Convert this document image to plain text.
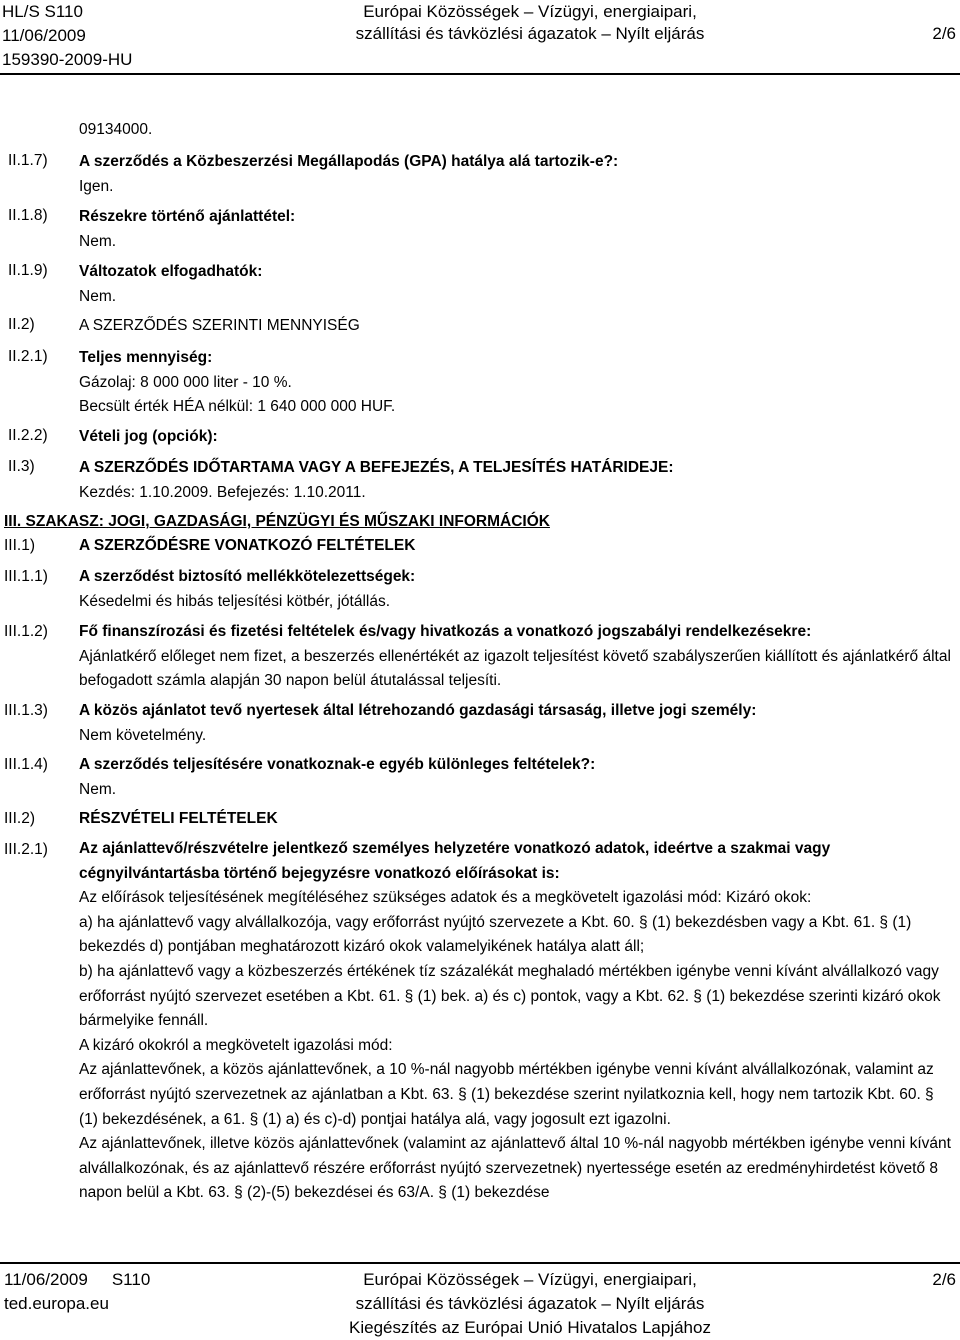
HL/S S110
11/06/2009
159390-2009-HU
Európai Közösségek – Vízügyi, energiaipari,
szállítási és távközlési ágazatok – Nyílt eljárás	2/6
09134000.
II.1.7) A szerződés a Közbeszerzési Megállapodás (GPA) hatálya alá tartozik-e?:
Igen.
II.1.8) Részekre történő ajánlattétel:
Nem.
II.1.9) Változatok elfogadhatók:
Nem.
II.2)	A SZERZŐDÉS SZERINTI MENNYISÉG
II.2.1) Teljes mennyiség:
Gázolaj: 8 000 000 liter - 10 %.
Becsült érték HÉA nélkül: 1 640 000 000 HUF.
II.2.2) Vételi jog (opciók):
II.3)	A SZERZŐDÉS IDŐTARTAMA VAGY A BEFEJEZÉS, A TELJESÍTÉS HATÁRIDEJE:
Kezdés: 1.10.2009. Befejezés: 1.10.2011.
III. SZAKASZ: JOGI, GAZDASÁGI, PÉNZÜGYI ÉS MŰSZAKI INFORMÁCIÓK
III.1)	A SZERZŐDÉSRE VONATKOZÓ FELTÉTELEK
III.1.1) A szerződést biztosító mellékkötelezettségek:
Késedelmi és hibás teljesítési kötbér, jótállás.
III.1.2) Fő finanszírozási és fizetési feltételek és/vagy hivatkozás a vonatkozó jogszabályi rendelkezésekre:
Ajánlatkérő előleget nem fizet, a beszerzés ellenértékét az igazolt teljesítést követő szabályszerűen kiállított és ajánlatkérő által befogadott számla alapján 30 napon belül átutalással teljesíti.
III.1.3) A közös ajánlatot tevő nyertesek által létrehozandó gazdasági társaság, illetve jogi személy:
Nem követelmény.
III.1.4) A szerződés teljesítésére vonatkoznak-e egyéb különleges feltételek?:
Nem.
III.2)	RÉSZVÉTELI FELTÉTELEK
III.2.1) Az ajánlattevő/részvételre jelentkező személyes helyzetére vonatkozó adatok, ideértve a szakmai vagy cégnyilvántartásba történő bejegyzésre vonatkozó előírásokat is:
Az előírások teljesítésének megítéléséhez szükséges adatok és a megkövetelt igazolási mód: Kizáró okok:
a) ha ajánlattevő vagy alvállalkozója, vagy erőforrást nyújtó szervezete a Kbt. 60. § (1) bekezdésben vagy a Kbt. 61. § (1) bekezdés d) pontjában meghatározott kizáró okok valamelyikének hatálya alatt áll;
b) ha ajánlattevő vagy a közbeszerzés értékének tíz százalékát meghaladó mértékben igénybe venni kívánt alvállalkozó vagy erőforrást nyújtó szervezet esetében a Kbt. 61. § (1) bek. a) és c) pontok, vagy a Kbt. 62. § (1) bekezdése szerinti kizáró okok bármelyike fennáll.
A kizáró okokról a megkövetelt igazolási mód:
Az ajánlattevőnek, a közös ajánlattevőnek, a 10 %-nál nagyobb mértékben igénybe venni kívánt alvállalkozónak, valamint az erőforrást nyújtó szervezetnek az ajánlatban a Kbt. 63. § (1) bekezdése szerint nyilatkoznia kell, hogy nem tartozik Kbt. 60. § (1) bekezdésének, a 61. § (1) a) és c)-d) pontjai hatálya alá, vagy jogosult ezt igazolni.
Az ajánlattevőnek, illetve közös ajánlattevőnek (valamint az ajánlattevő által 10 %-nál nagyobb mértékben igénybe venni kívánt alvállalkozónak, és az ajánlattevő részére erőforrást nyújtó szervezetnek) nyertessége esetén az eredményhirdetést követő 8 napon belül a Kbt. 63. § (2)-(5) bekezdései és 63/A. § (1) bekezdése
11/06/2009 S110
ted.europa.eu
Európai Közösségek – Vízügyi, energiaipari,
szállítási és távközlési ágazatok – Nyílt eljárás
Kiegészítés az Európai Unió Hivatalos Lapjához
2/6
